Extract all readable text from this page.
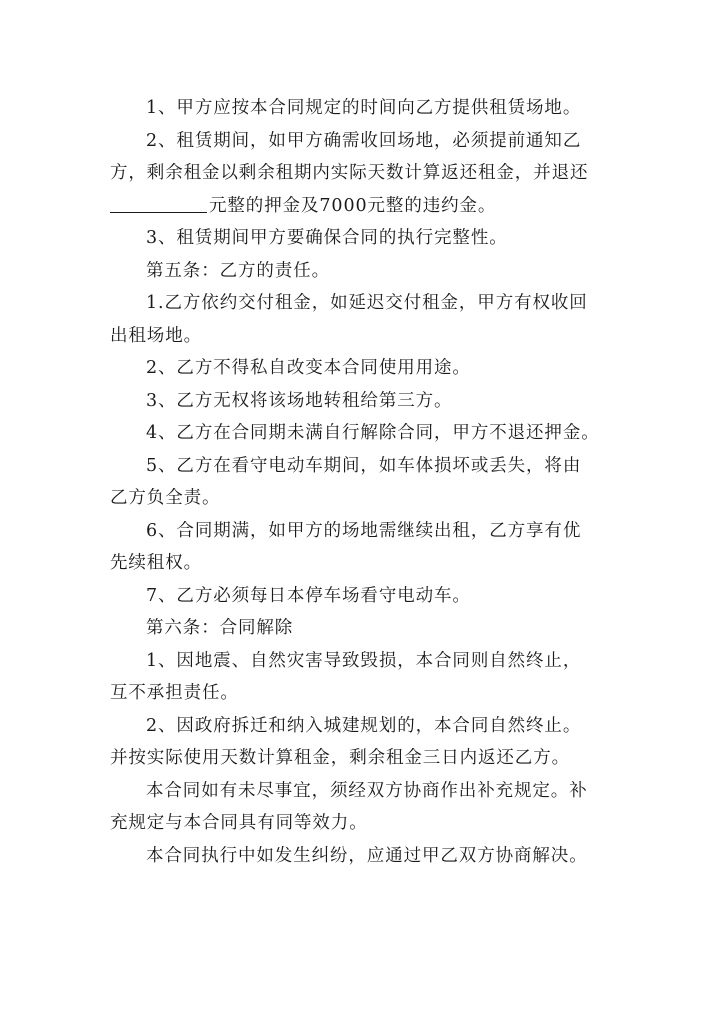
1、甲方应按本合同规定的时间向乙方提供租赁场地。
2、租赁期间，如甲方确需收回场地，必须提前通知乙
方，剩余租金以剩余租期内实际天数计算返还租金，并退还
元整的押金及7000元整的违约金。
3、租赁期间甲方要确保合同的执行完整性。
第五条：乙方的责任。
1.乙方依约交付租金，如延迟交付租金，甲方有权收回
出租场地。
2、乙方不得私自改变本合同使用用途。
3、乙方无权将该场地转租给第三方。
4、乙方在合同期未满自行解除合同，甲方不退还押金。
5、乙方在看守电动车期间，如车体损坏或丢失，将由
乙方负全责。
6、合同期满，如甲方的场地需继续出租，乙方享有优
先续租权。
7、乙方必须每日本停车场看守电动车。
第六条：合同解除
1、因地震、自然灾害导致毁损，本合同则自然终止，
互不承担责任。
2、因政府拆迁和纳入城建规划的，本合同自然终止。
并按实际使用天数计算租金，剩余租金三日内返还乙方。
本合同如有未尽事宜，须经双方协商作出补充规定。补
充规定与本合同具有同等效力。
本合同执行中如发生纠纷，应通过甲乙双方协商解决。
